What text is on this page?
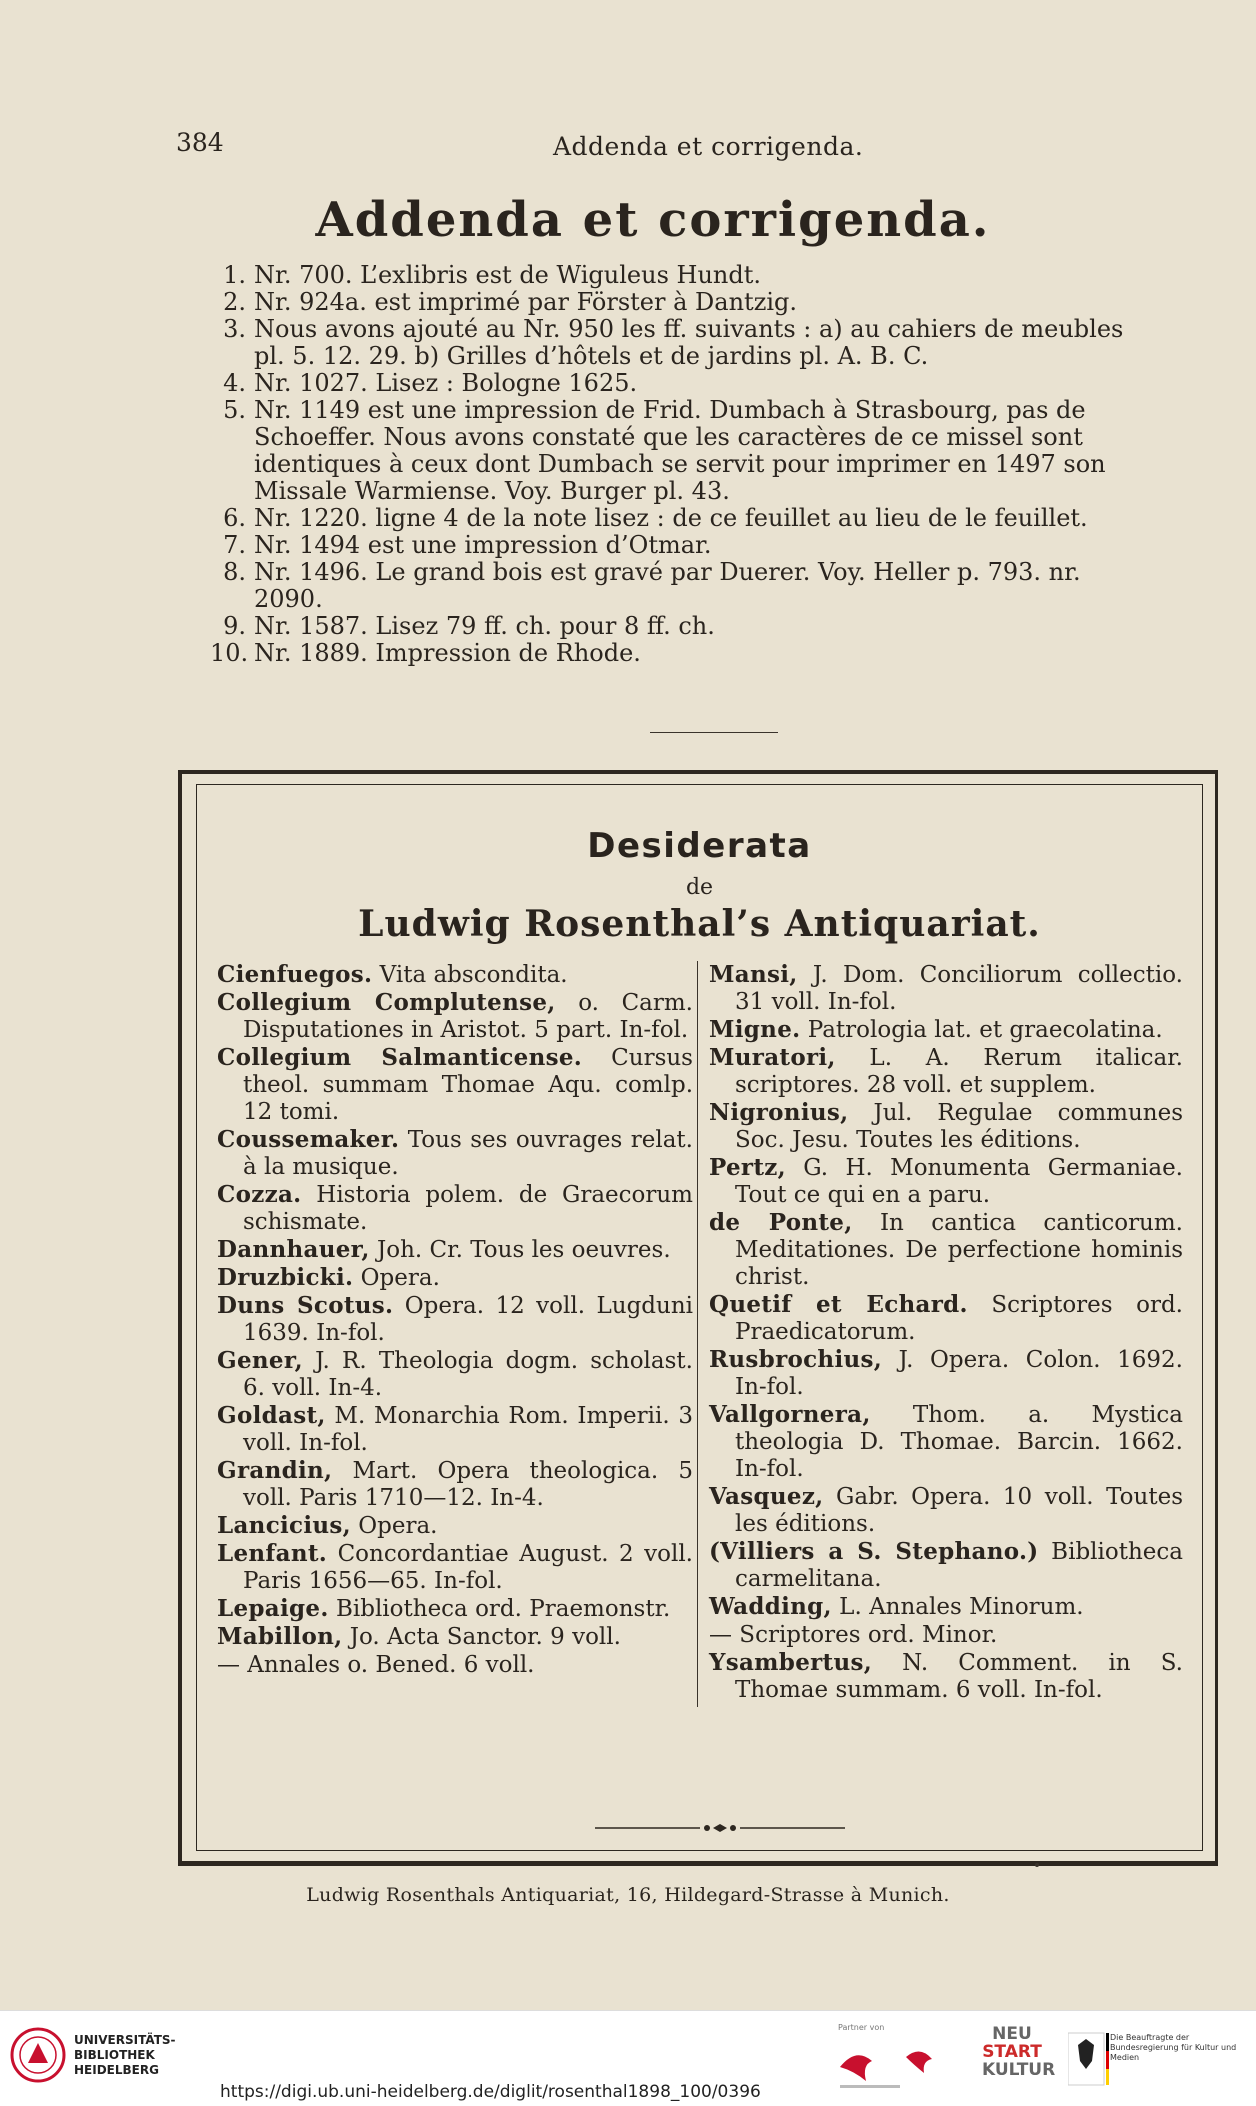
384	Addenda et corrigenda.
Addenda et corrigenda.
1. Nr. 700. L’exlibris est de Wiguleus Hundt.
2. Nr. 924a. est imprimé par Förster à Dantzig.
3. Nous avons ajouté au Nr. 950 les ff. suivants : a) au cahiers de meubles pl. 5. 12. 29. b) Grilles d’hôtels et de jardins pl. A. B. C.
4. Nr. 1027. Lisez : Bologne 1625.
5. Nr. 1149 est une impression de Frid. Dumbach à Strasbourg, pas de Schoeffer. Nous avons constaté que les caractères de ce missel sont identiques à ceux dont Dumbach se servit pour imprimer en 1497 son Missale Warmiense. Voy. Burger pl. 43.
6. Nr. 1220. ligne 4 de la note lisez : de ce feuillet au lieu de le feuillet.
7. Nr. 1494 est une impression d’Otmar.
8. Nr. 1496. Le grand bois est gravé par Duerer. Voy. Heller p. 793. nr. 2090.
9. Nr. 1587. Lisez 79 ff. ch. pour 8 ff. ch.
10. Nr. 1889. Impression de Rhode.
Desiderata
de
Ludwig Rosenthal’s Antiquariat.
Cienfuegos. Vita abscondita.
Collegium Complutense, o. Carm. Disputationes in Aristot. 5 part. In-fol.
Collegium Salmanticense. Cursus theol. summam Thomae Aqu. comlp. 12 tomi.
Coussemaker. Tous ses ouvrages relat. à la musique.
Cozza. Historia polem. de Graecorum schismate.
Dannhauer, Joh. Cr. Tous les oeuvres.
Druzbicki. Opera.
Duns Scotus. Opera. 12 voll. Lugduni 1639. In-fol.
Gener, J. R. Theologia dogm. scholast. 6. voll. In-4.
Goldast, M. Monarchia Rom. Imperii. 3 voll. In-fol.
Grandin, Mart. Opera theologica. 5 voll. Paris 1710—12. In-4.
Lancicius, Opera.
Lenfant. Concordantiae August. 2 voll. Paris 1656—65. In-fol.
Lepaige. Bibliotheca ord. Praemonstr.
Mabillon, Jo. Acta Sanctor. 9 voll.
— Annales o. Bened. 6 voll.
Mansi, J. Dom. Conciliorum collectio. 31 voll. In-fol.
Migne. Patrologia lat. et graecolatina.
Muratori, L. A. Rerum italicar. scriptores. 28 voll. et supplem.
Nigronius, Jul. Regulae communes Soc. Jesu. Toutes les éditions.
Pertz, G. H. Monumenta Germaniae. Tout ce qui en a paru.
de Ponte, In cantica canticorum. Meditationes. De perfectione hominis christ.
Quetif et Echard. Scriptores ord. Praedicatorum.
Rusbrochius, J. Opera. Colon. 1692. In-fol.
Vallgornera, Thom. a. Mystica theologia D. Thomae. Barcin. 1662. In-fol.
Vasquez, Gabr. Opera. 10 voll. Toutes les éditions.
(Villiers a S. Stephano.) Bibliotheca carmelitana.
Wadding, L. Annales Minorum.
— Scriptores ord. Minor.
Ysambertus, N. Comment. in S. Thomae summam. 6 voll. In-fol.
Ludwig Rosenthals Antiquariat, 16, Hildegard-Strasse à Munich.
UNIVERSITÄTS-
BIBLIOTHEK
HEIDELBERG
Partner von	NEU
START
KULTUR
Die Beauftragte der Bundesregierung für Kultur und Medien
https://digi.ub.uni-heidelberg.de/diglit/rosenthal1898_100/0396
